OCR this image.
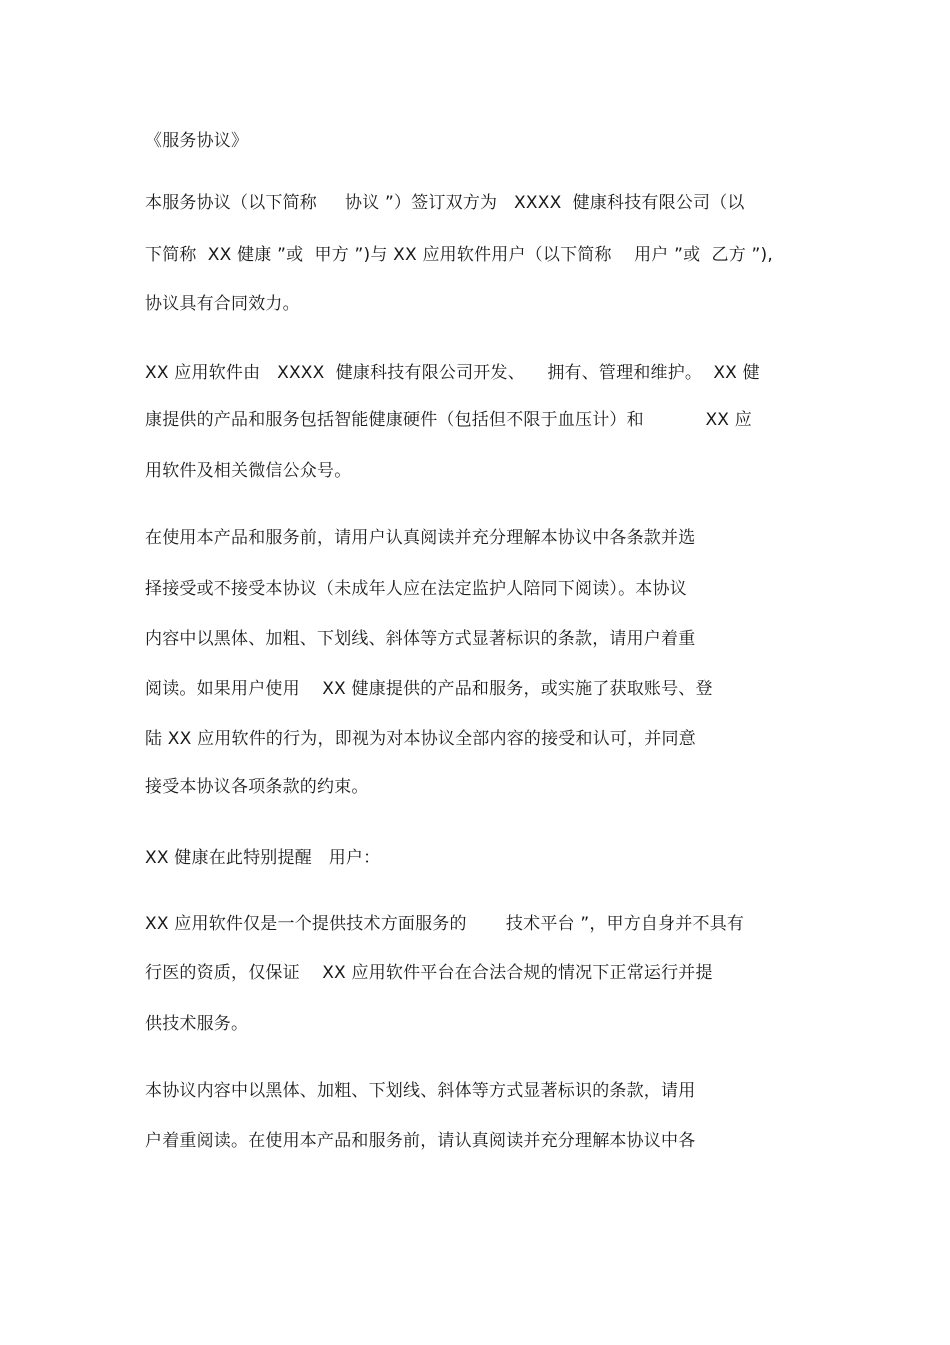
《服务协议》
本服务协议（以下简称     协议 ”）签订双方为   XXXX  健康科技有限公司（以
下简称  XX 健康 ”或  甲方 ”)与 XX 应用软件用户（以下简称    用户 ”或  乙方 ”),
协议具有合同效力。
XX 应用软件由   XXXX  健康科技有限公司开发、    拥有、管理和维护。  XX 健
康提供的产品和服务包括智能健康硬件（包括但不限于血压计）和           XX 应
用软件及相关微信公众号。
在使用本产品和服务前，请用户认真阅读并充分理解本协议中各条款并选
择接受或不接受本协议（未成年人应在法定监护人陪同下阅读）。本协议
内容中以黑体、加粗、下划线、斜体等方式显著标识的条款，请用户着重
阅读。如果用户使用    XX 健康提供的产品和服务，或实施了获取账号、登
陆 XX 应用软件的行为，即视为对本协议全部内容的接受和认可，并同意
接受本协议各项条款的约束。
XX 健康在此特别提醒   用户：
XX 应用软件仅是一个提供技术方面服务的       技术平台 ”，甲方自身并不具有
行医的资质，仅保证    XX 应用软件平台在合法合规的情况下正常运行并提
供技术服务。
本协议内容中以黑体、加粗、下划线、斜体等方式显著标识的条款，请用
户着重阅读。在使用本产品和服务前，请认真阅读并充分理解本协议中各
